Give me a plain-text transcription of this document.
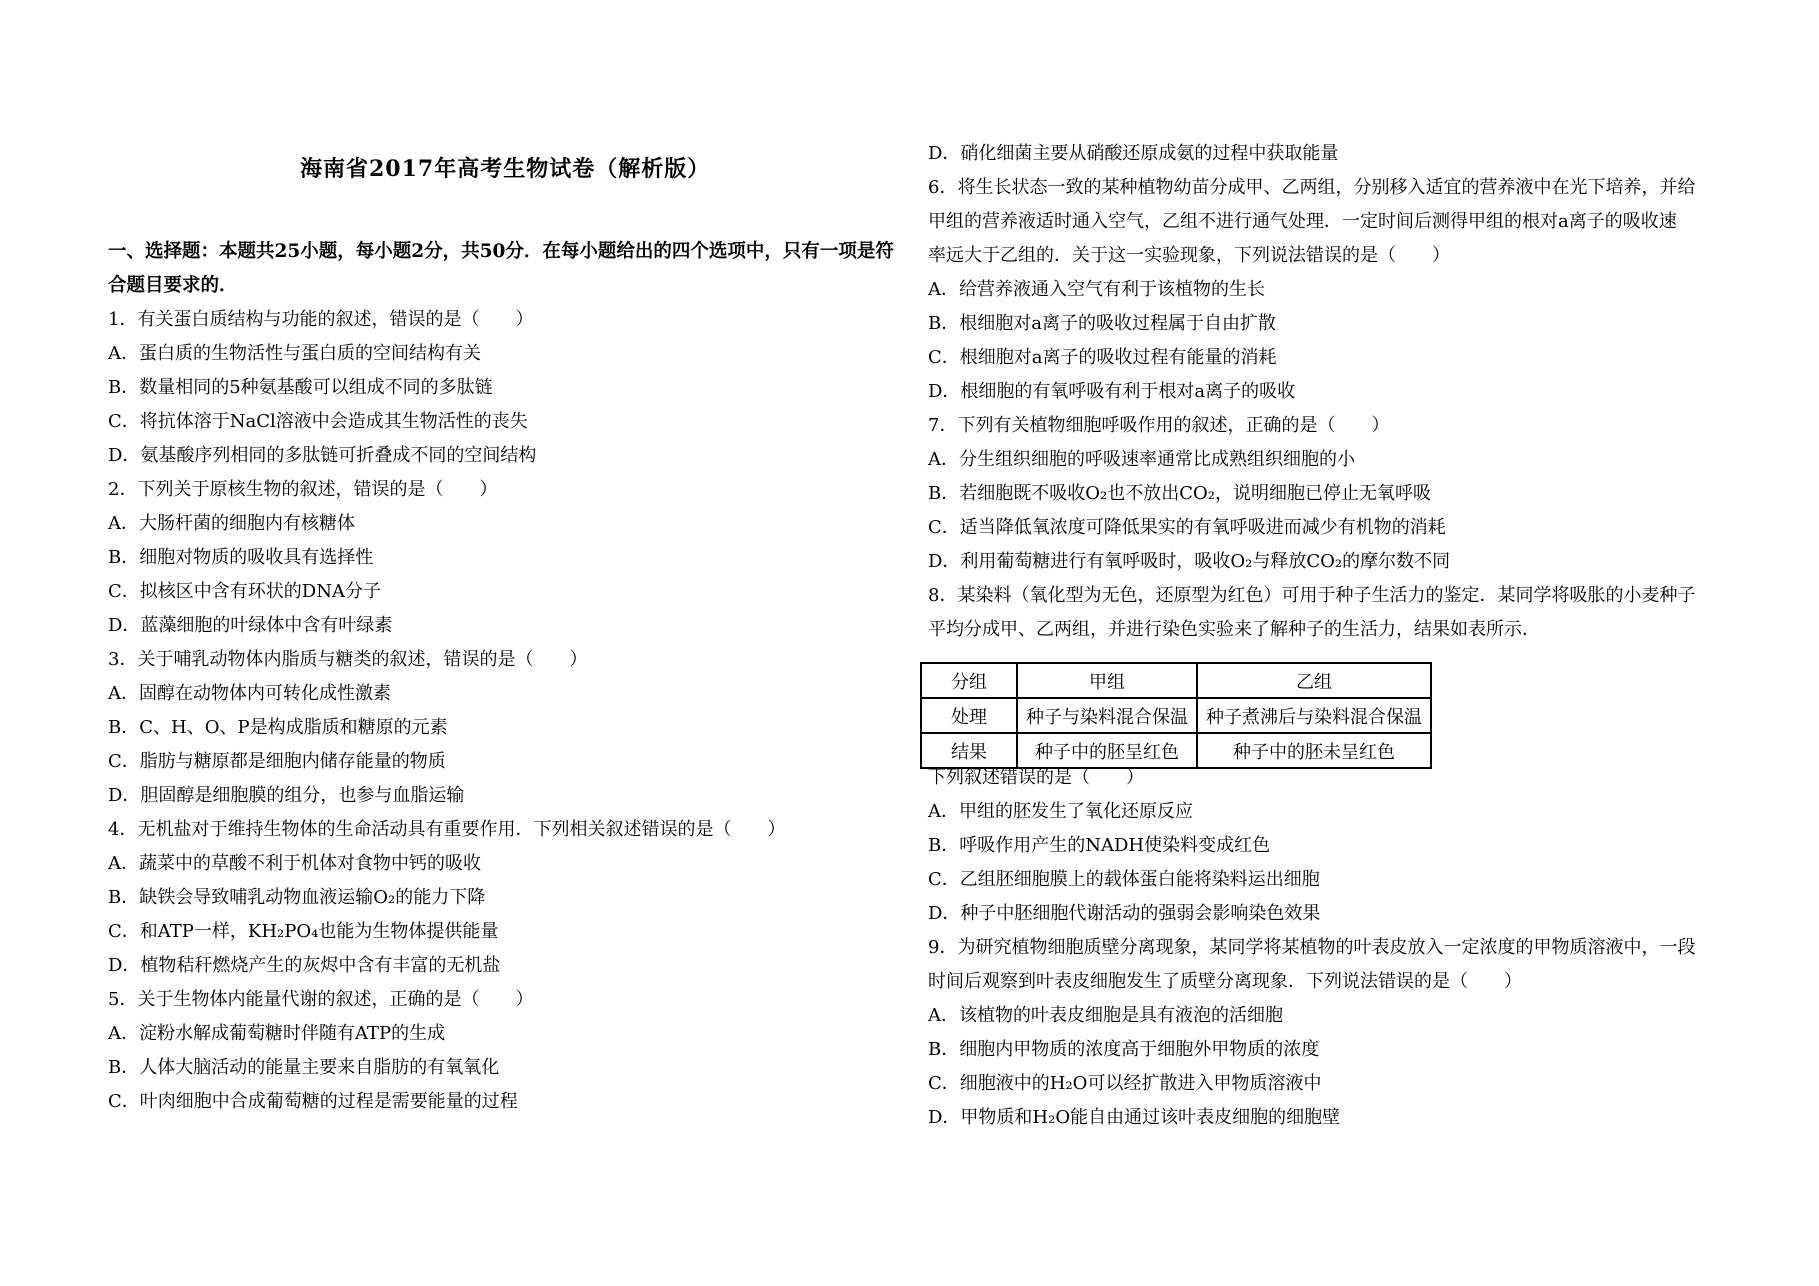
海南省2017年高考生物试卷（解析版）
一、选择题：本题共25小题，每小题2分，共50分．在每小题给出的四个选项中，只有一项是符
合题目要求的．
1．有关蛋白质结构与功能的叙述，错误的是（　　）
A．蛋白质的生物活性与蛋白质的空间结构有关
B．数量相同的5种氨基酸可以组成不同的多肽链
C．将抗体溶于NaCl溶液中会造成其生物活性的丧失
D．氨基酸序列相同的多肽链可折叠成不同的空间结构
2．下列关于原核生物的叙述，错误的是（　　）
A．大肠杆菌的细胞内有核糖体
B．细胞对物质的吸收具有选择性
C．拟核区中含有环状的DNA分子
D．蓝藻细胞的叶绿体中含有叶绿素
3．关于哺乳动物体内脂质与糖类的叙述，错误的是（　　）
A．固醇在动物体内可转化成性激素
B．C、H、O、P是构成脂质和糖原的元素
C．脂肪与糖原都是细胞内储存能量的物质
D．胆固醇是细胞膜的组分，也参与血脂运输
4．无机盐对于维持生物体的生命活动具有重要作用．下列相关叙述错误的是（　　）
A．蔬菜中的草酸不利于机体对食物中钙的吸收
B．缺铁会导致哺乳动物血液运输O₂的能力下降
C．和ATP一样，KH₂PO₄也能为生物体提供能量
D．植物秸秆燃烧产生的灰烬中含有丰富的无机盐
5．关于生物体内能量代谢的叙述，正确的是（　　）
A．淀粉水解成葡萄糖时伴随有ATP的生成
B．人体大脑活动的能量主要来自脂肪的有氧氧化
C．叶肉细胞中合成葡萄糖的过程是需要能量的过程
D．硝化细菌主要从硝酸还原成氨的过程中获取能量
6．将生长状态一致的某种植物幼苗分成甲、乙两组，分别移入适宜的营养液中在光下培养，并给
甲组的营养液适时通入空气，乙组不进行通气处理．一定时间后测得甲组的根对a离子的吸收速
率远大于乙组的．关于这一实验现象，下列说法错误的是（　　）
A．给营养液通入空气有利于该植物的生长
B．根细胞对a离子的吸收过程属于自由扩散
C．根细胞对a离子的吸收过程有能量的消耗
D．根细胞的有氧呼吸有利于根对a离子的吸收
7．下列有关植物细胞呼吸作用的叙述，正确的是（　　）
A．分生组织细胞的呼吸速率通常比成熟组织细胞的小
B．若细胞既不吸收O₂也不放出CO₂，说明细胞已停止无氧呼吸
C．适当降低氧浓度可降低果实的有氧呼吸进而减少有机物的消耗
D．利用葡萄糖进行有氧呼吸时，吸收O₂与释放CO₂的摩尔数不同
8．某染料（氧化型为无色，还原型为红色）可用于种子生活力的鉴定．某同学将吸胀的小麦种子
平均分成甲、乙两组，并进行染色实验来了解种子的生活力，结果如表所示．
分组	甲组	乙组
处理	种子与染料混合保温	种子煮沸后与染料混合保温
结果	种子中的胚呈红色	种子中的胚未呈红色
下列叙述错误的是（　　）
A．甲组的胚发生了氧化还原反应
B．呼吸作用产生的NADH使染料变成红色
C．乙组胚细胞膜上的载体蛋白能将染料运出细胞
D．种子中胚细胞代谢活动的强弱会影响染色效果
9．为研究植物细胞质壁分离现象，某同学将某植物的叶表皮放入一定浓度的甲物质溶液中，一段
时间后观察到叶表皮细胞发生了质壁分离现象．下列说法错误的是（　　）
A．该植物的叶表皮细胞是具有液泡的活细胞
B．细胞内甲物质的浓度高于细胞外甲物质的浓度
C．细胞液中的H₂O可以经扩散进入甲物质溶液中
D．甲物质和H₂O能自由通过该叶表皮细胞的细胞壁
